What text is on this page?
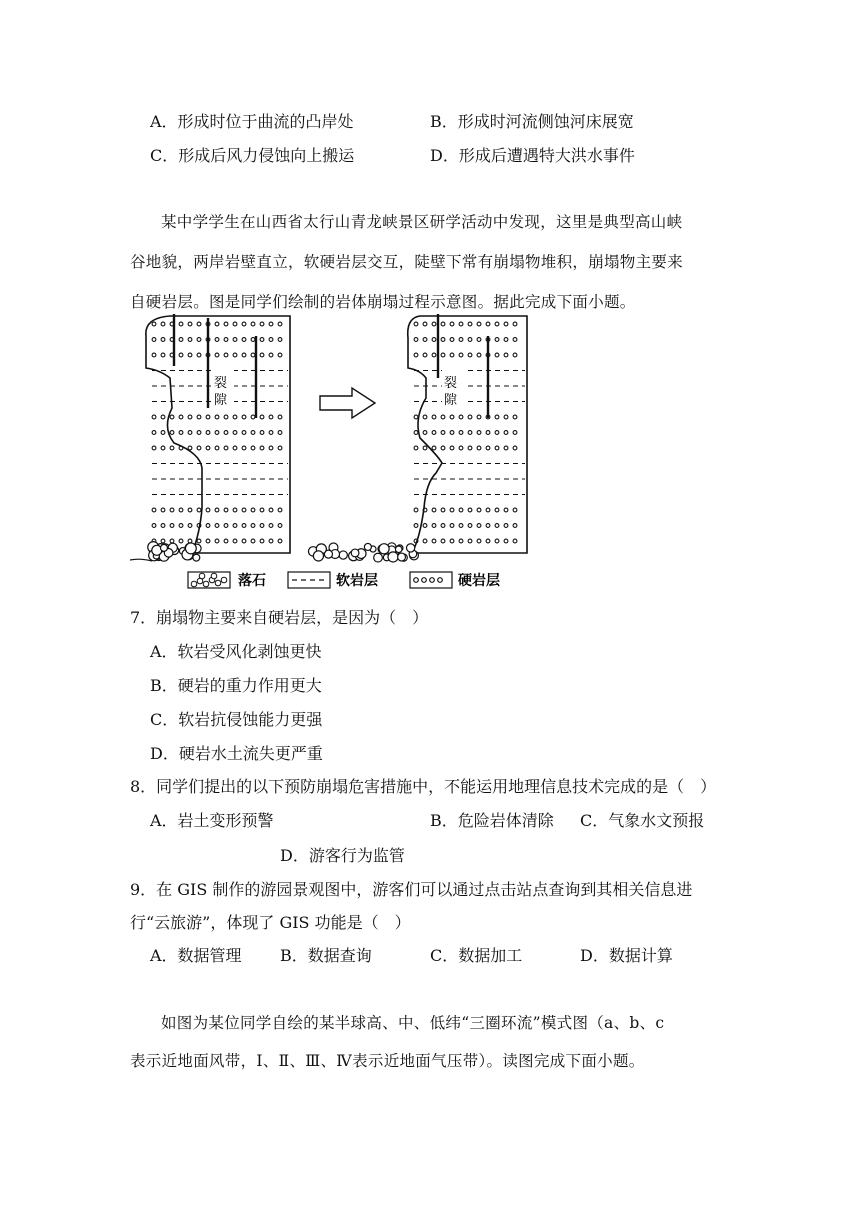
A．形成时位于曲流的凸岸处	B．形成时河流侧蚀河床展宽
C．形成后风力侵蚀向上搬运	D．形成后遭遇特大洪水事件
某中学学生在山西省太行山青龙峡景区研学活动中发现，这里是典型高山峡
谷地貌，两岸岩壁直立，软硬岩层交互，陡壁下常有崩塌物堆积，崩塌物主要来
自硬岩层。图是同学们绘制的岩体崩塌过程示意图。据此完成下面小题。
裂
隙
裂
隙
落石	软岩层	硬岩层
7．崩塌物主要来自硬岩层，是因为（　）
A．软岩受风化剥蚀更快
B．硬岩的重力作用更大
C．软岩抗侵蚀能力更强
D．硬岩水土流失更严重
8．同学们提出的以下预防崩塌危害措施中，不能运用地理信息技术完成的是（　）
A．岩土变形预警	B．危险岩体清除 C．气象水文预报
D．游客行为监管
9．在 GIS 制作的游园景观图中，游客们可以通过点击站点查询到其相关信息进
行“云旅游”，体现了 GIS 功能是（　）
A．数据管理 B．数据查询	C．数据加工	D．数据计算
如图为某位同学自绘的某半球高、中、低纬“三圈环流”模式图（a、b、c
表示近地面风带，Ⅰ、Ⅱ、Ⅲ、Ⅳ表示近地面气压带）。读图完成下面小题。
